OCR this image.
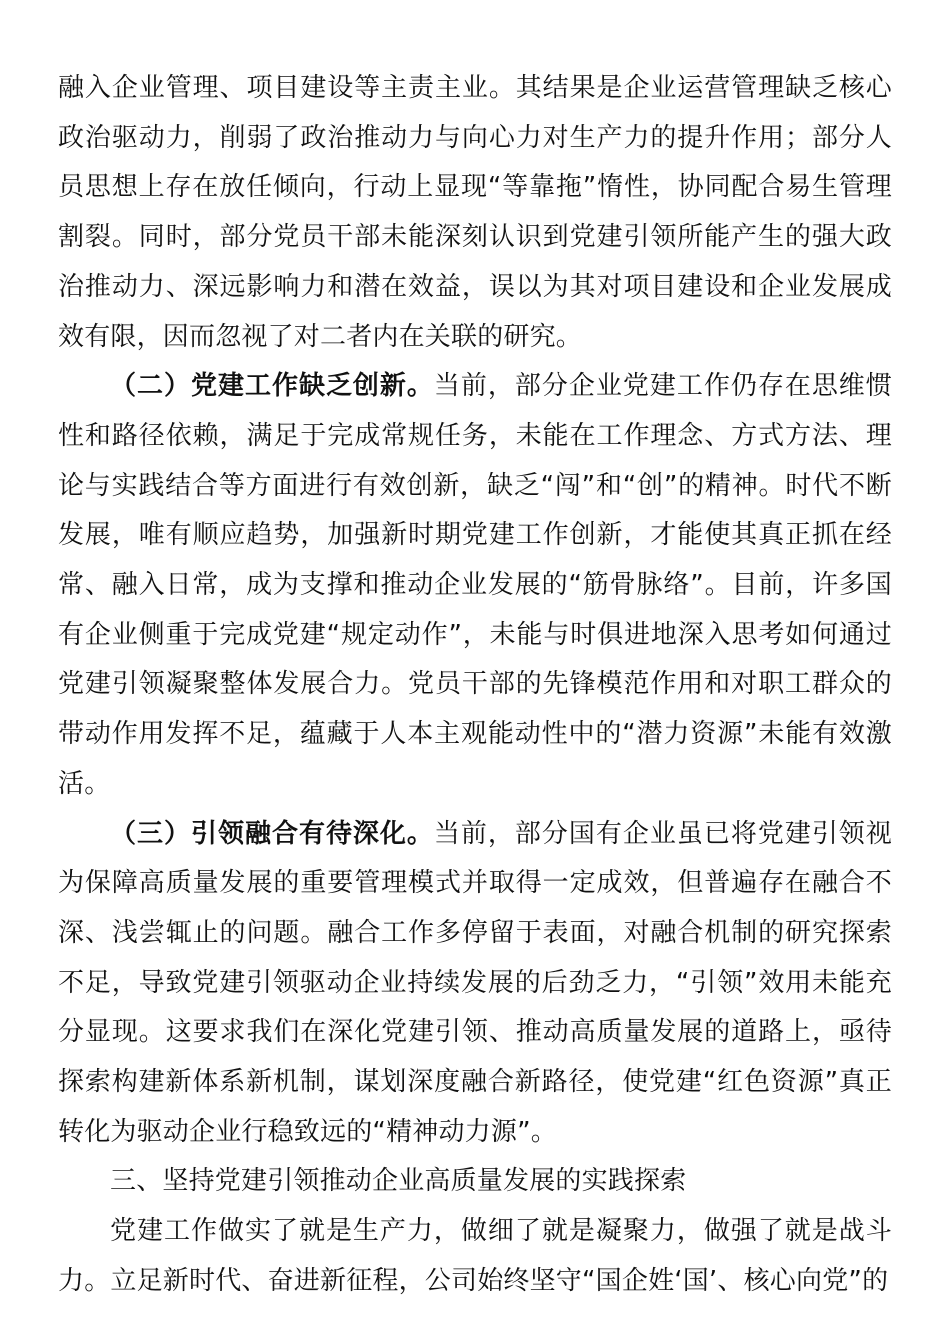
融入企业管理、项目建设等主责主业。其结果是企业运营管理缺乏核心政治驱动力，削弱了政治推动力与向心力对生产力的提升作用；部分人员思想上存在放任倾向，行动上显现“等靠拖”惰性，协同配合易生管理割裂。同时，部分党员干部未能深刻认识到党建引领所能产生的强大政治推动力、深远影响力和潜在效益，误以为其对项目建设和企业发展成效有限，因而忽视了对二者内在关联的研究。

（二）党建工作缺乏创新。当前，部分企业党建工作仍存在思维惯性和路径依赖，满足于完成常规任务，未能在工作理念、方式方法、理论与实践结合等方面进行有效创新，缺乏“闯”和“创”的精神。时代不断发展，唯有顺应趋势，加强新时期党建工作创新，才能使其真正抓在经常、融入日常，成为支撑和推动企业发展的“筋骨脉络”。目前，许多国有企业侧重于完成党建“规定动作”，未能与时俱进地深入思考如何通过党建引领凝聚整体发展合力。党员干部的先锋模范作用和对职工群众的带动作用发挥不足，蕴藏于人本主观能动性中的“潜力资源”未能有效激活。

（三）引领融合有待深化。当前，部分国有企业虽已将党建引领视为保障高质量发展的重要管理模式并取得一定成效，但普遍存在融合不深、浅尝辄止的问题。融合工作多停留于表面，对融合机制的研究探索不足，导致党建引领驱动企业持续发展的后劲乏力，“引领”效用未能充分显现。这要求我们在深化党建引领、推动高质量发展的道路上，亟待探索构建新体系新机制，谋划深度融合新路径，使党建“红色资源”真正转化为驱动企业行稳致远的“精神动力源”。

三、坚持党建引领推动企业高质量发展的实践探索

党建工作做实了就是生产力，做细了就是凝聚力，做强了就是战斗力。立足新时代、奋进新征程，公司始终坚守“国企姓‘国’、核心向党”的
